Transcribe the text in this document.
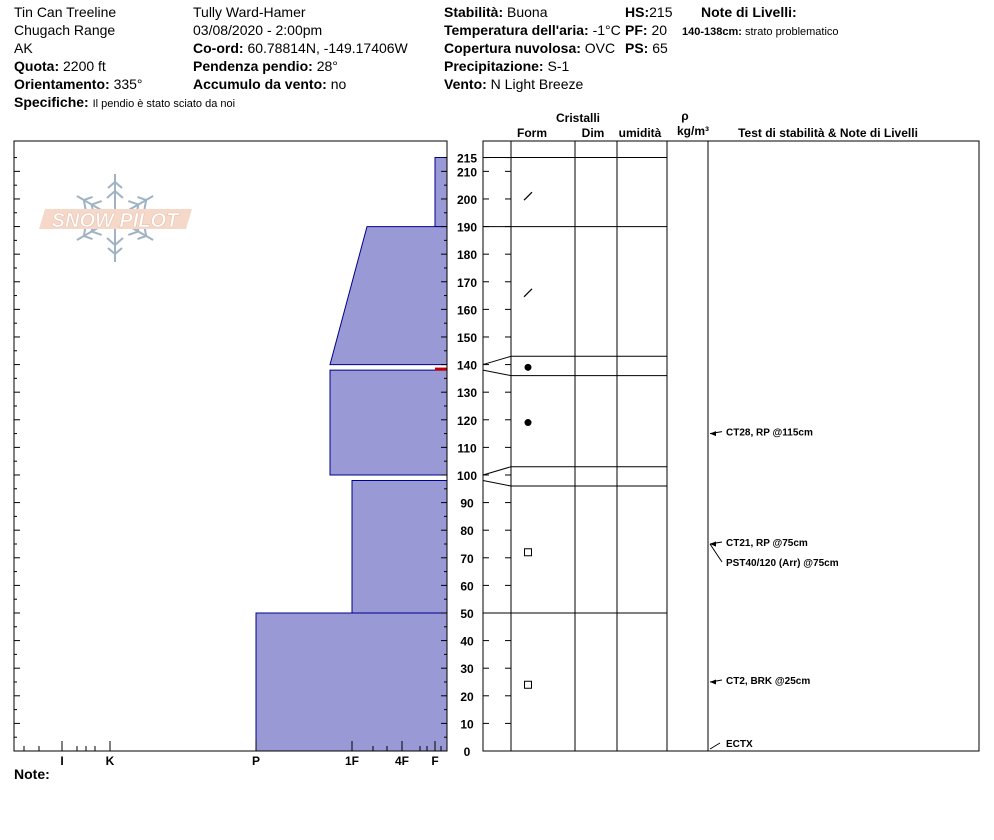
Tin Can Treeline
Chugach Range
AK
Quota: 2200 ft
Orientamento: 335°
Specifiche: Il pendio è stato sciato da noi
Tully Ward-Hamer
03/08/2020 - 2:00pm
Co-ord: 60.78814N, -149.17406W
Pendenza pendio: 28°
Accumulo da vento: no
Stabilità: Buona
Temperatura dell'aria: -1°C
Copertura nuvolosa: OVC
Precipitazione: S-1
Vento: N Light Breeze
HS:215
PF: 20
PS: 65
Note di Livelli:
140-138cm: strato problematico
Note:
SNOW PILOT
Cristalli
Form	Dim umidità
ρ
kg/m³ Test di stabilità & Note di Livelli
I	K	P	1F	4F F
0
10
20
30
40
50
60
70
80
90
100
110
120
130
140
150
160
170
180
190
200
210
215
CT28, RP @115cm
CT21, RP @75cm
PST40/120 (Arr) @75cm
CT2, BRK @25cm
ECTX
